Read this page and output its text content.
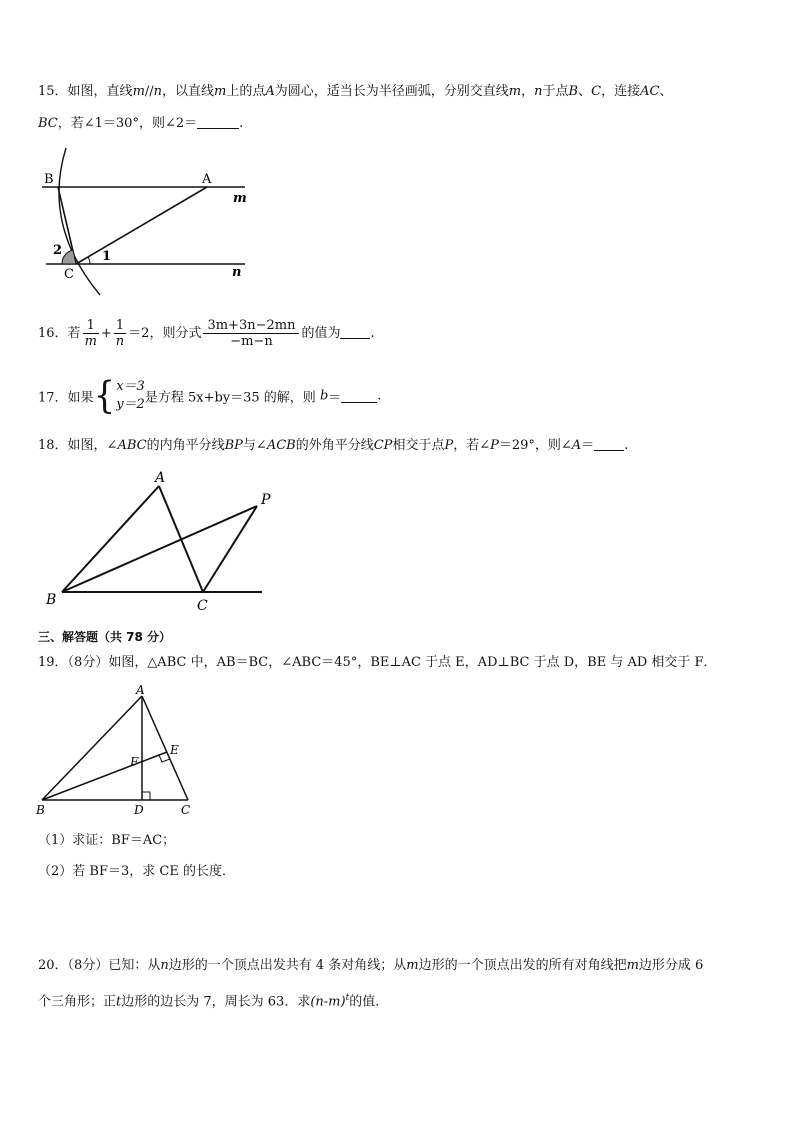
15．如图，直线m//n，以直线m上的点A为圆心，适当长为半径画弧，分别交直线m，n于点B、C，连接AC、
BC，若∠1＝30°，则∠2＝	.
B	A
m
2	1
C	n
16．若 $\frac{1}{m} + \frac{1}{n} =2$，则分式 $\frac{3m+3n-2mn}{-m-n}$ 的值为 .
17．如果{ x＝3
y＝2 是方程 5x+by＝35 的解，则 b＝	.
18．如图，∠ABC的内角平分线BP与∠ACB的外角平分线CP相交于点P，若∠P＝29°，则∠A＝ .
A
P
B	C
三、解答题（共 78 分）
19．（8分）如图，△ABC 中，AB＝BC，∠ABC＝45°，BE⊥AC 于点 E，AD⊥BC 于点 D，BE 与 AD 相交于 F．
A
E
F
B	D	C
（1）求证：BF＝AC；
（2）若 BF＝3，求 CE 的长度．
20．（8分）已知：从n边形的一个顶点出发共有 4 条对角线；从m边形的一个顶点出发的所有对角线把m边形分成 6
个三角形；正t边形的边长为 7，周长为 63．求$(n-m)^t$的值．
